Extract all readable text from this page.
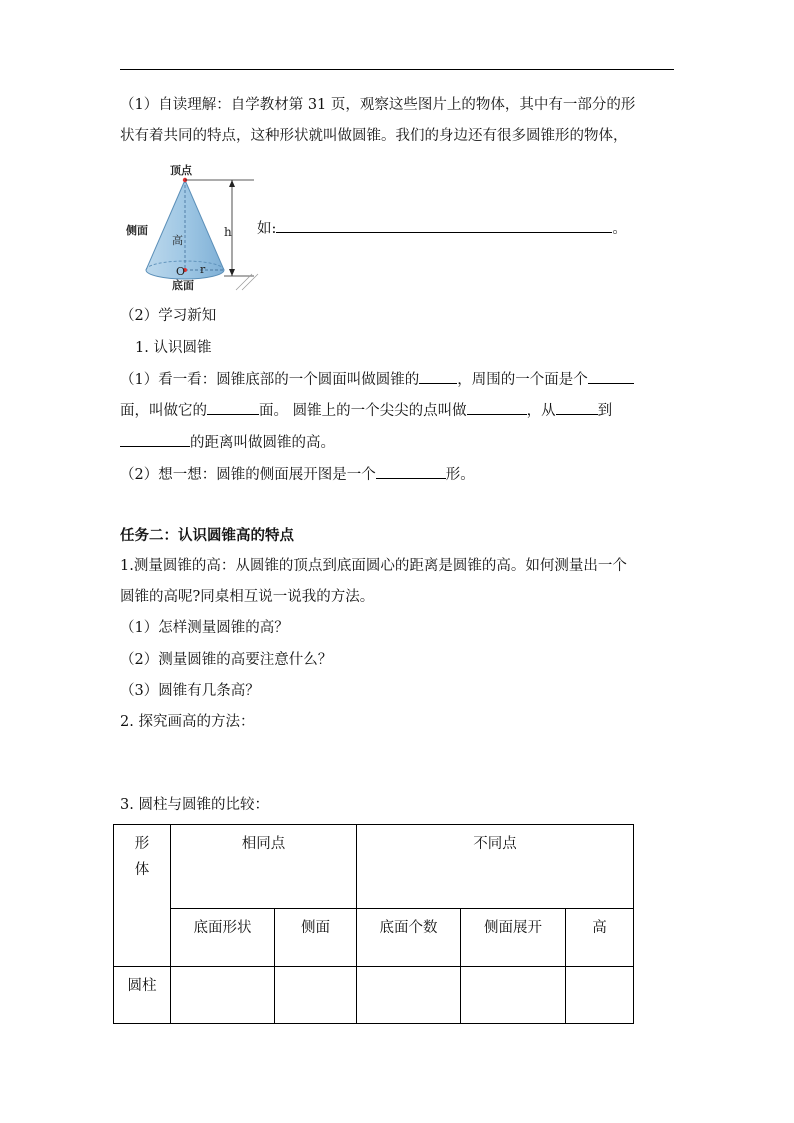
（1）自读理解：自学教材第 31 页，观察这些图片上的物体，其中有一部分的形
状有着共同的特点，这种形状就叫做圆锥。我们的身边还有很多圆锥形的物体，
顶点
侧面
高
h
O r
底面
如:	。
（2）学习新知
1. 认识圆锥
（1）看一看：圆锥底部的一个圆面叫做圆锥的	，周围的一个面是个
面，叫做它的	面。 圆锥上的一个尖尖的点叫做	，从	到
的距离叫做圆锥的高。
（2）想一想：圆锥的侧面展开图是一个	形。
任务二：认识圆锥高的特点
1.测量圆锥的高：从圆锥的顶点到底面圆心的距离是圆锥的高。如何测量出一个
圆锥的高呢?同桌相互说一说我的方法。
（1）怎样测量圆锥的高？
（2）测量圆锥的高要注意什么？
（3）圆锥有几条高？
2. 探究画高的方法：
3. 圆柱与圆锥的比较：
形
体	相同点		不同点		
	底面形状	侧面	底面个数	侧面展开	高
圆柱					
